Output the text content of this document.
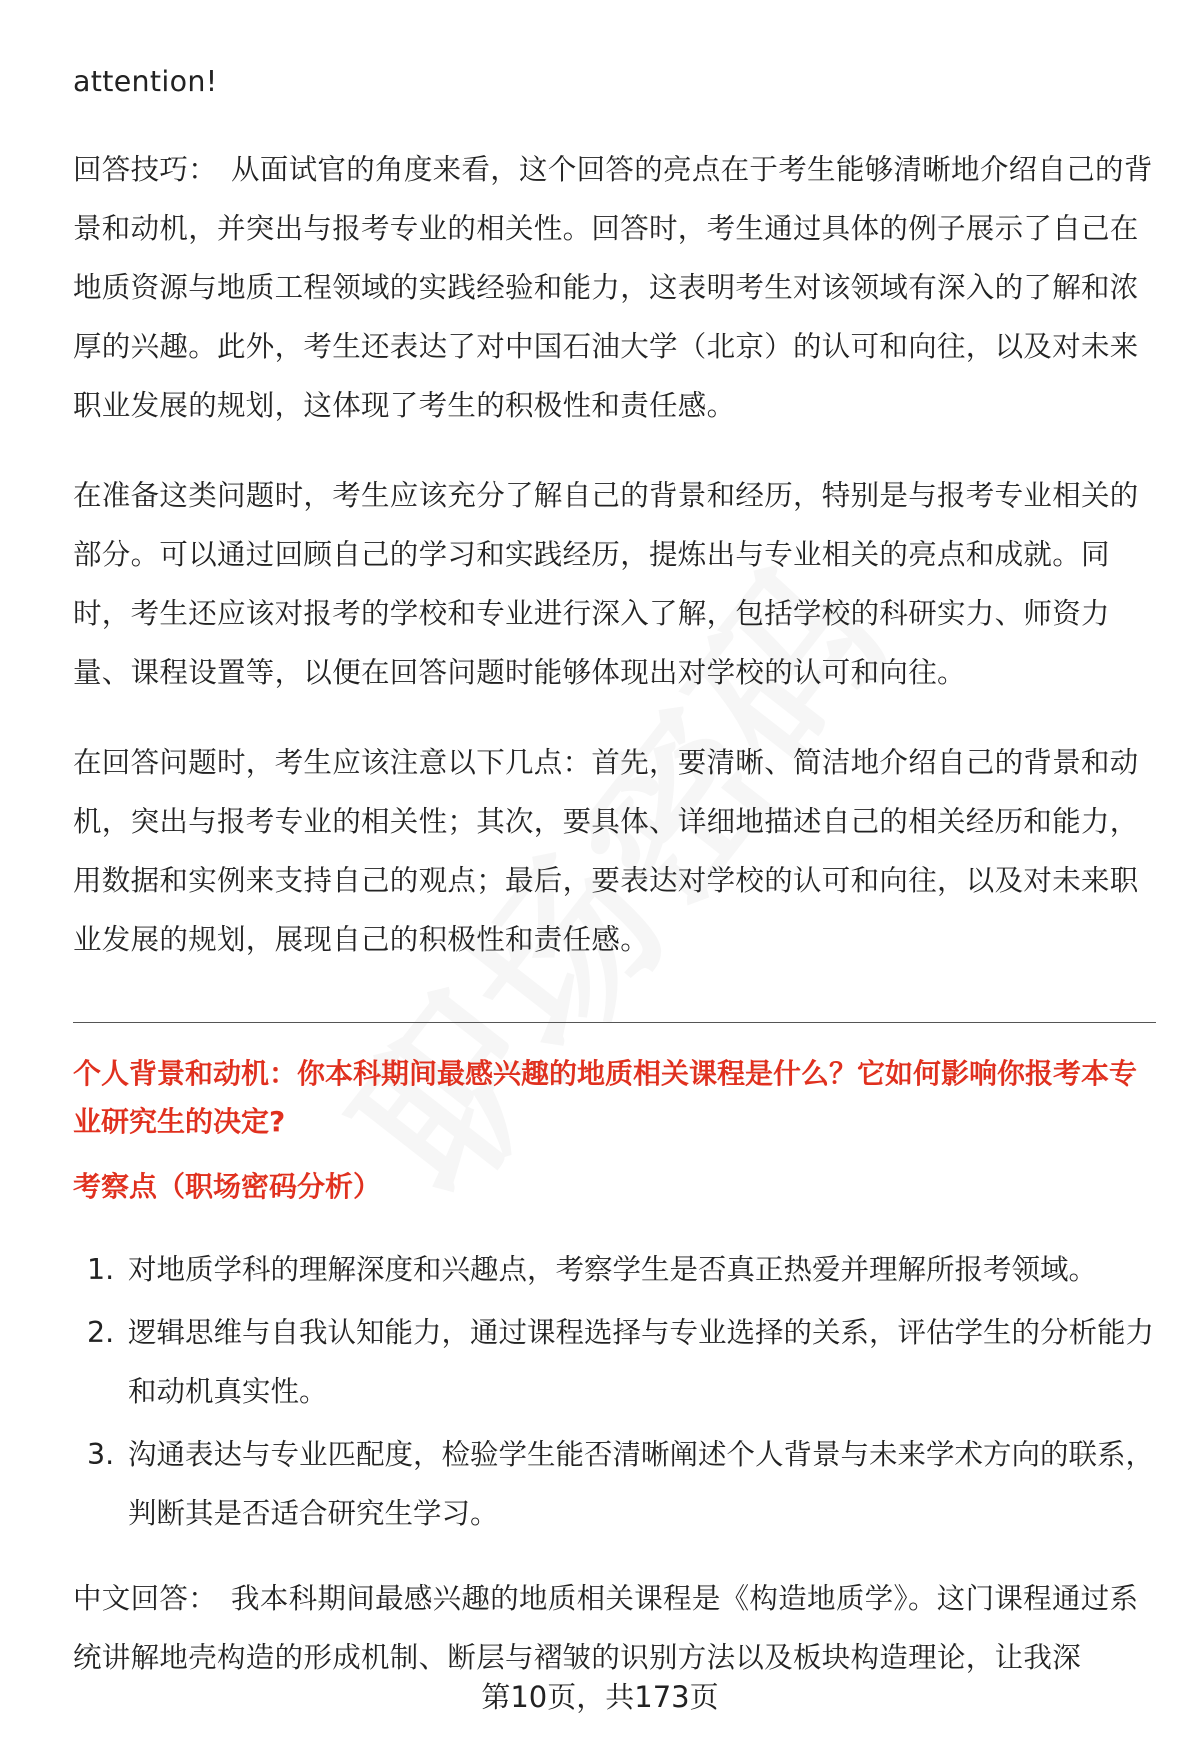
attention!

回答技巧： 从面试官的角度来看，这个回答的亮点在于考生能够清晰地介绍自己的背景和动机，并突出与报考专业的相关性。回答时，考生通过具体的例子展示了自己在地质资源与地质工程领域的实践经验和能力，这表明考生对该领域有深入的了解和浓厚的兴趣。此外，考生还表达了对中国石油大学（北京）的认可和向往，以及对未来职业发展的规划，这体现了考生的积极性和责任感。

在准备这类问题时，考生应该充分了解自己的背景和经历，特别是与报考专业相关的部分。可以通过回顾自己的学习和实践经历，提炼出与专业相关的亮点和成就。同时，考生还应该对报考的学校和专业进行深入了解，包括学校的科研实力、师资力量、课程设置等，以便在回答问题时能够体现出对学校的认可和向往。

在回答问题时，考生应该注意以下几点：首先，要清晰、简洁地介绍自己的背景和动机，突出与报考专业的相关性；其次，要具体、详细地描述自己的相关经历和能力，用数据和实例来支持自己的观点；最后，要表达对学校的认可和向往，以及对未来职业发展的规划，展现自己的积极性和责任感。

个人背景和动机：你本科期间最感兴趣的地质相关课程是什么？它如何影响你报考本专业研究生的决定?

考察点（职场密码分析）

1. 对地质学科的理解深度和兴趣点，考察学生是否真正热爱并理解所报考领域。
2. 逻辑思维与自我认知能力，通过课程选择与专业选择的关系，评估学生的分析能力和动机真实性。
3. 沟通表达与专业匹配度，检验学生能否清晰阐述个人背景与未来学术方向的联系，判断其是否适合研究生学习。

中文回答： 我本科期间最感兴趣的地质相关课程是《构造地质学》。这门课程通过系统讲解地壳构造的形成机制、断层与褶皱的识别方法以及板块构造理论，让我深

第10页，共173页
